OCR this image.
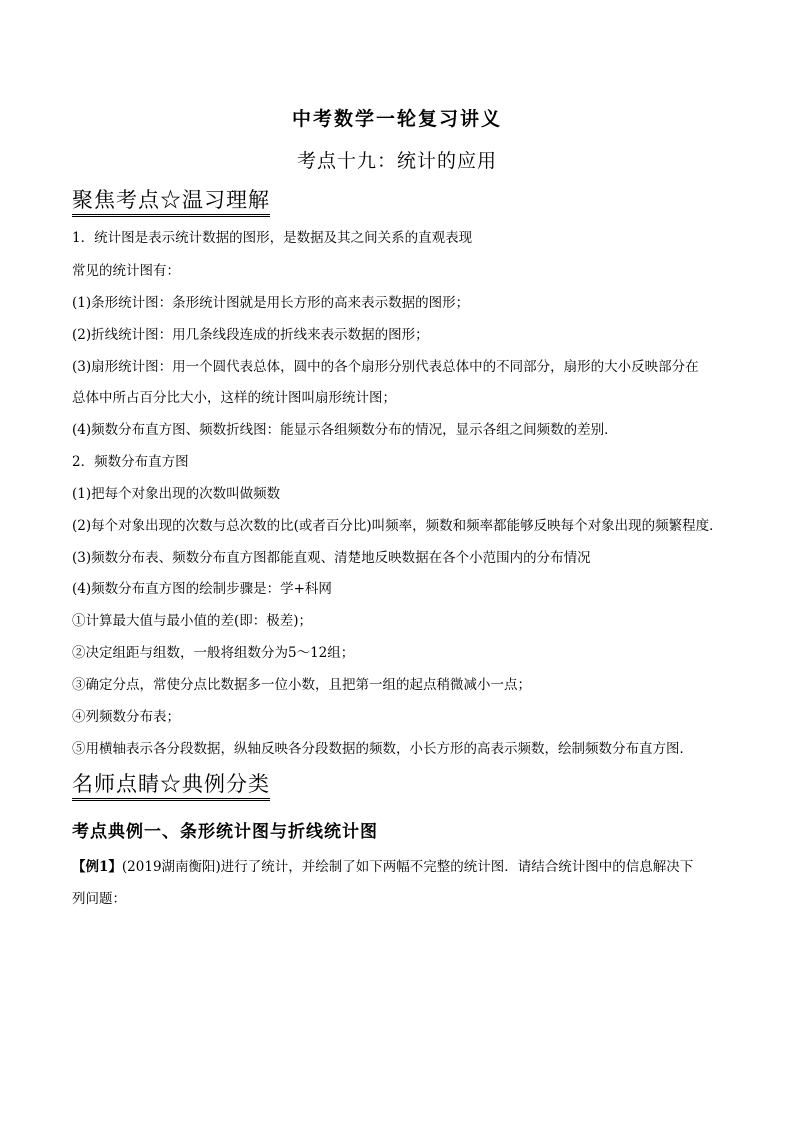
中考数学一轮复习讲义
考点十九：统计的应用
聚焦考点☆温习理解
1．统计图是表示统计数据的图形，是数据及其之间关系的直观表现
常见的统计图有：
(1)条形统计图：条形统计图就是用长方形的高来表示数据的图形；
(2)折线统计图：用几条线段连成的折线来表示数据的图形；
(3)扇形统计图：用一个圆代表总体，圆中的各个扇形分别代表总体中的不同部分，扇形的大小反映部分在
总体中所占百分比大小，这样的统计图叫扇形统计图；
(4)频数分布直方图、频数折线图：能显示各组频数分布的情况，显示各组之间频数的差别．
2．频数分布直方图
(1)把每个对象出现的次数叫做频数
(2)每个对象出现的次数与总次数的比(或者百分比)叫频率，频数和频率都能够反映每个对象出现的频繁程度．
(3)频数分布表、频数分布直方图都能直观、清楚地反映数据在各个小范围内的分布情况
(4)频数分布直方图的绘制步骤是：学+科网
①计算最大值与最小值的差(即：极差)；
②决定组距与组数，一般将组数分为5～12组；
③确定分点，常使分点比数据多一位小数，且把第一组的起点稍微减小一点；
④列频数分布表；
⑤用横轴表示各分段数据，纵轴反映各分段数据的频数，小长方形的高表示频数，绘制频数分布直方图．
名师点睛☆典例分类
考点典例一、条形统计图与折线统计图
【例1】(2019湖南衡阳)进行了统计，并绘制了如下两幅不完整的统计图．请结合统计图中的信息解决下
列问题：
